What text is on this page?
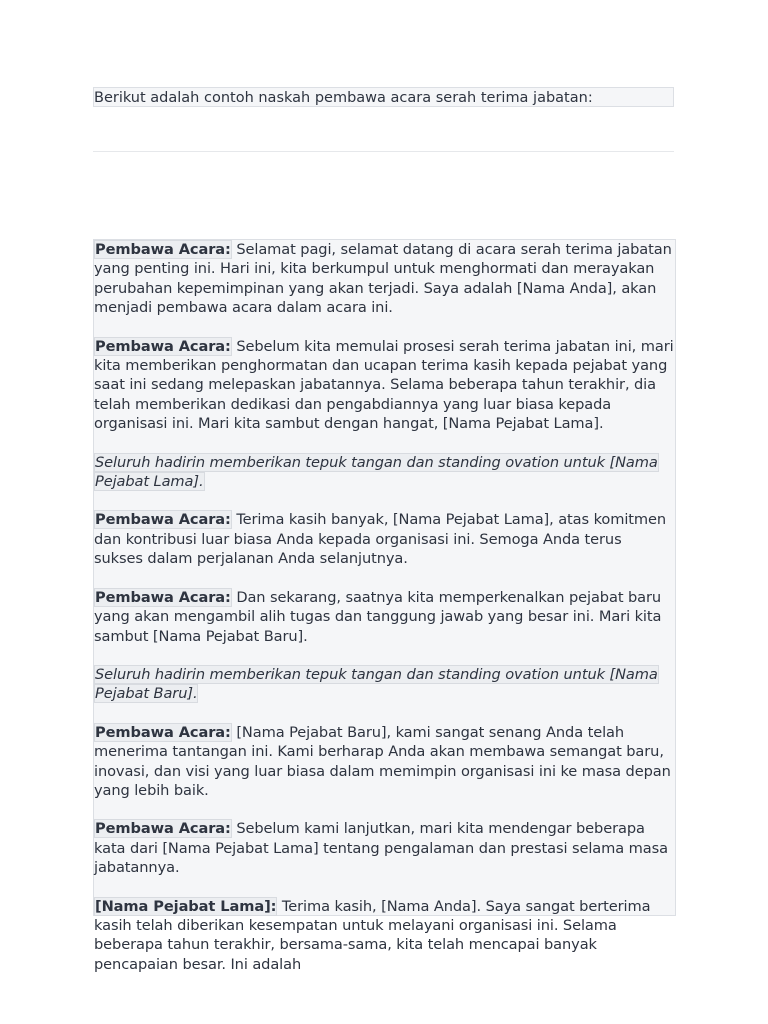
Berikut adalah contoh naskah pembawa acara serah terima jabatan:

Pembawa Acara: Selamat pagi, selamat datang di acara serah terima jabatan yang penting ini. Hari ini, kita berkumpul untuk menghormati dan merayakan perubahan kepemimpinan yang akan terjadi. Saya adalah [Nama Anda], akan menjadi pembawa acara dalam acara ini.

Pembawa Acara: Sebelum kita memulai prosesi serah terima jabatan ini, mari kita memberikan penghormatan dan ucapan terima kasih kepada pejabat yang saat ini sedang melepaskan jabatannya. Selama beberapa tahun terakhir, dia telah memberikan dedikasi dan pengabdiannya yang luar biasa kepada organisasi ini. Mari kita sambut dengan hangat, [Nama Pejabat Lama].

Seluruh hadirin memberikan tepuk tangan dan standing ovation untuk [Nama Pejabat Lama].

Pembawa Acara: Terima kasih banyak, [Nama Pejabat Lama], atas komitmen dan kontribusi luar biasa Anda kepada organisasi ini. Semoga Anda terus sukses dalam perjalanan Anda selanjutnya.

Pembawa Acara: Dan sekarang, saatnya kita memperkenalkan pejabat baru yang akan mengambil alih tugas dan tanggung jawab yang besar ini. Mari kita sambut [Nama Pejabat Baru].

Seluruh hadirin memberikan tepuk tangan dan standing ovation untuk [Nama Pejabat Baru].

Pembawa Acara: [Nama Pejabat Baru], kami sangat senang Anda telah menerima tantangan ini. Kami berharap Anda akan membawa semangat baru, inovasi, dan visi yang luar biasa dalam memimpin organisasi ini ke masa depan yang lebih baik.

Pembawa Acara: Sebelum kami lanjutkan, mari kita mendengar beberapa kata dari [Nama Pejabat Lama] tentang pengalaman dan prestasi selama masa jabatannya.

[Nama Pejabat Lama]: Terima kasih, [Nama Anda]. Saya sangat berterima kasih telah diberikan kesempatan untuk melayani organisasi ini. Selama beberapa tahun terakhir, bersama-sama, kita telah mencapai banyak pencapaian besar. Ini adalah
